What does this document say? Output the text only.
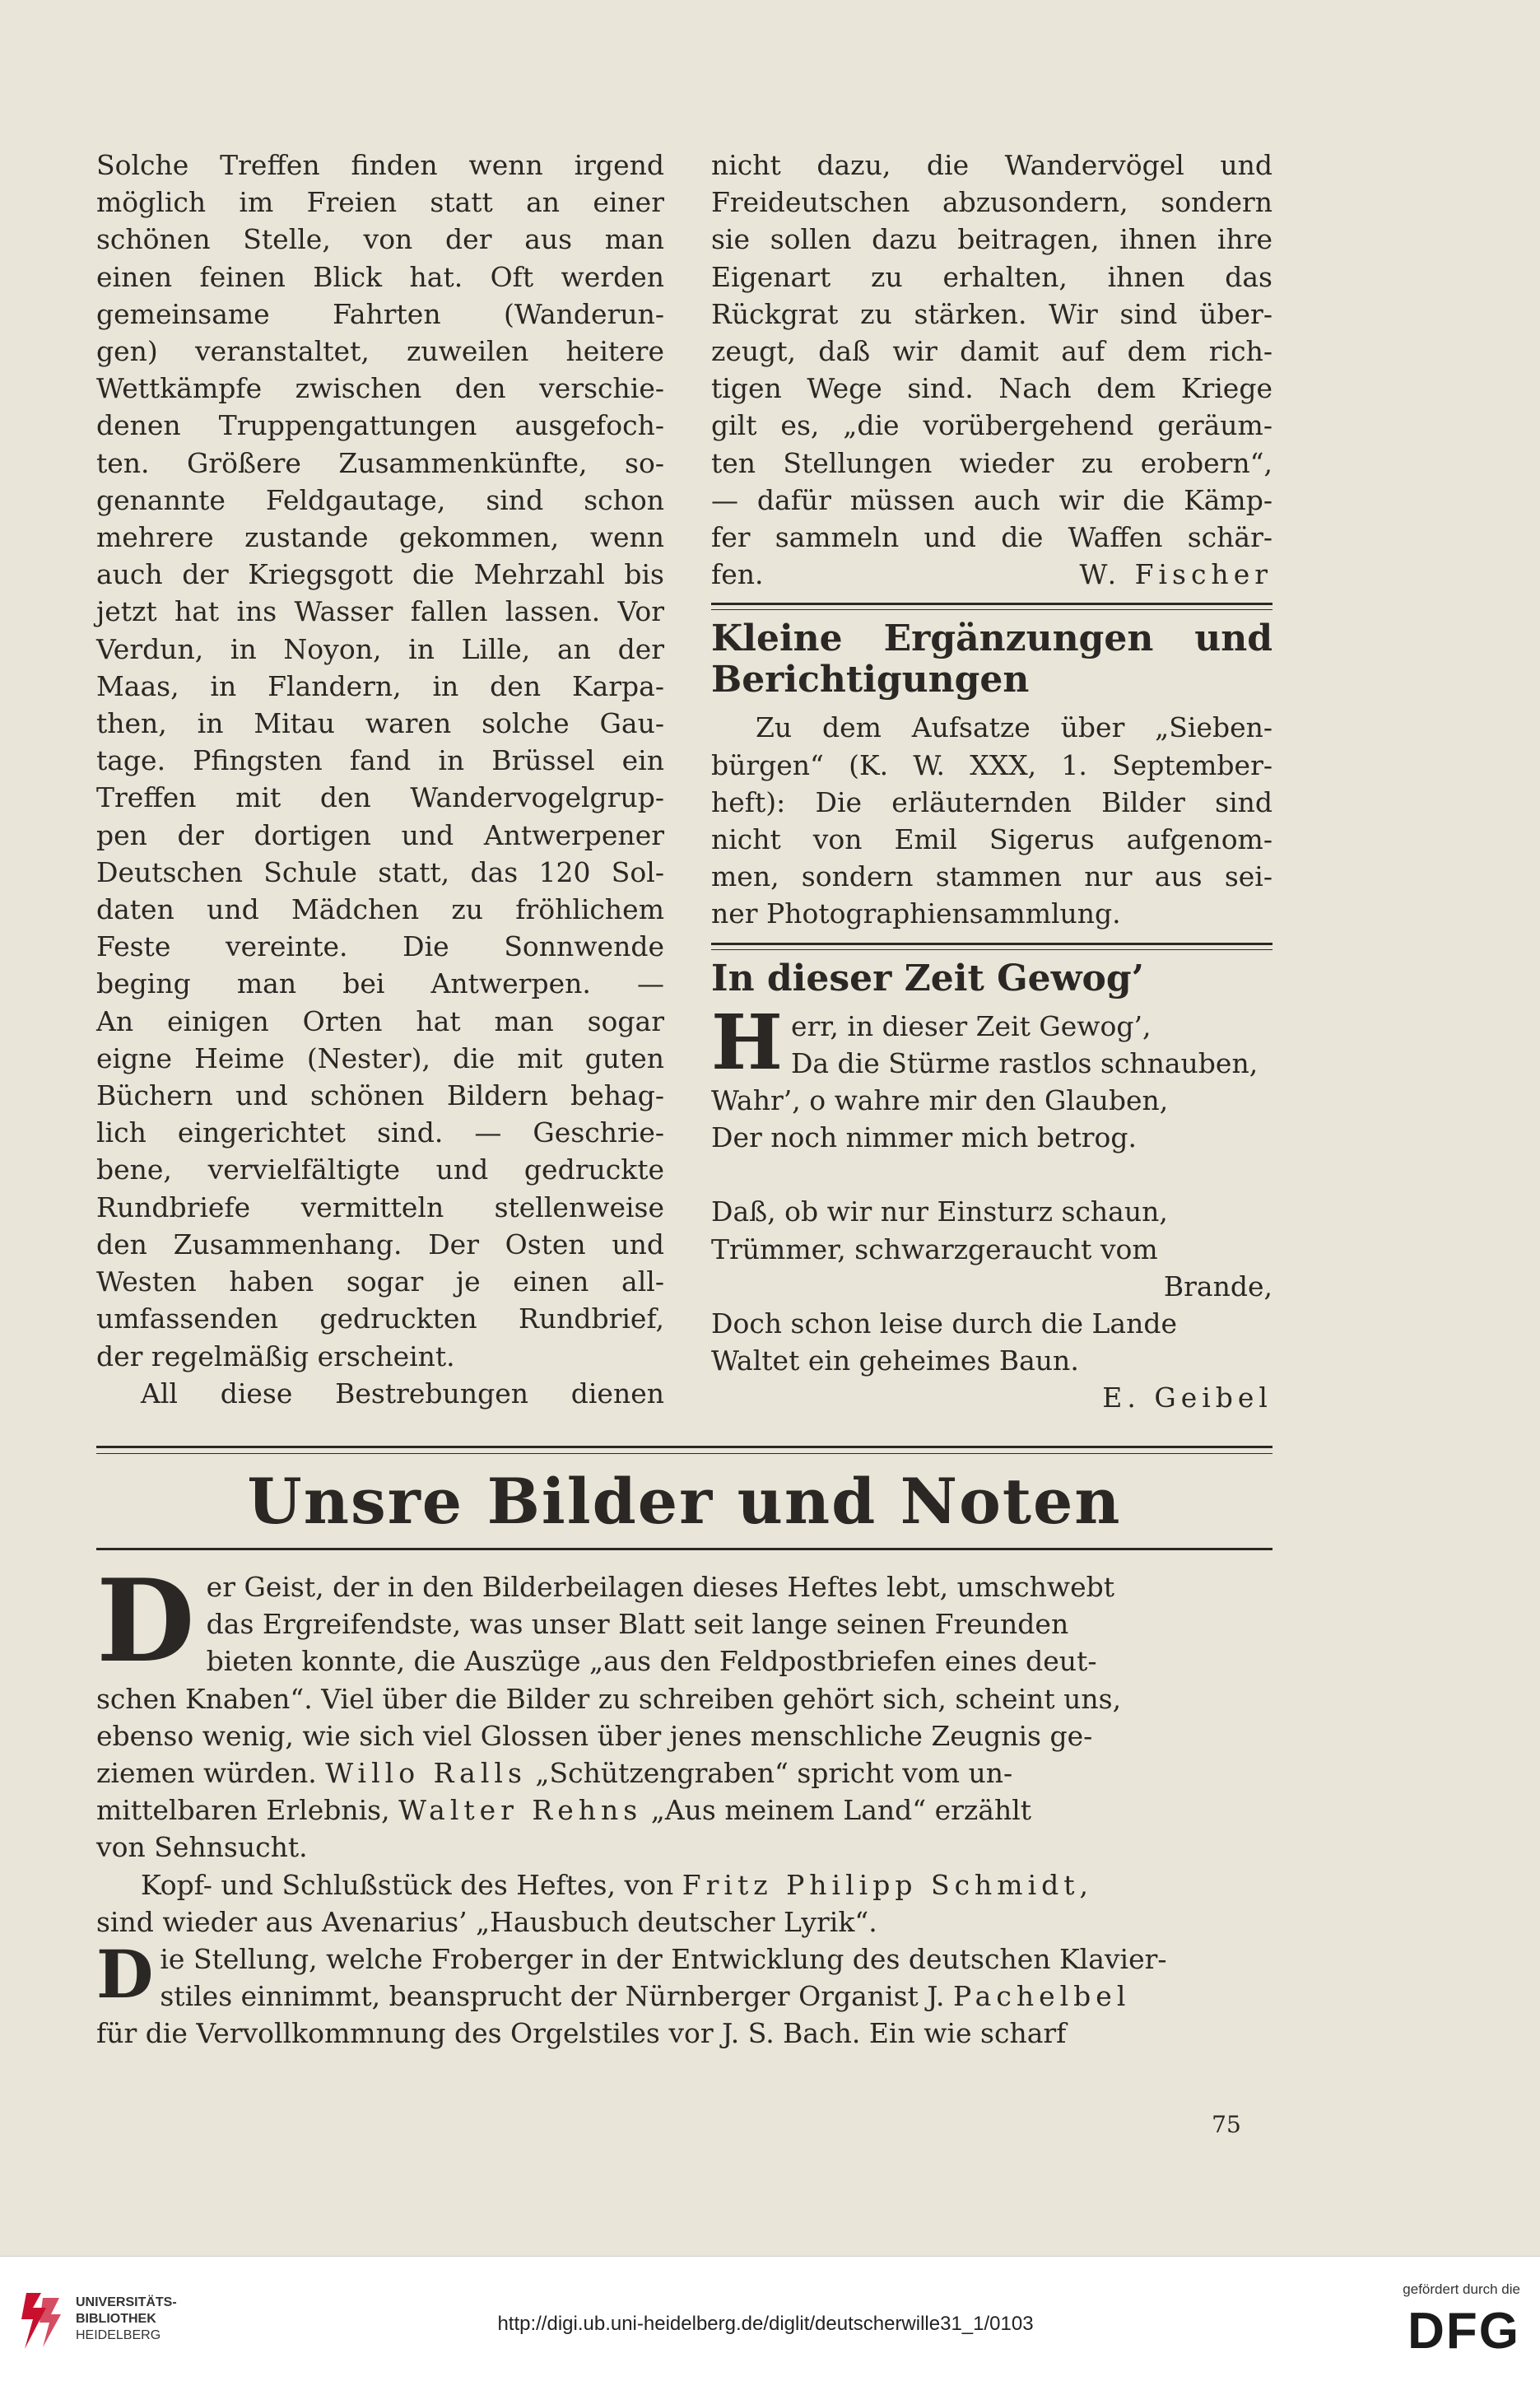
Solche Treffen finden wenn irgend
möglich im Freien statt an einer
schönen Stelle, von der aus man
einen feinen Blick hat. Oft werden
gemeinsame Fahrten (Wanderun-
gen) veranstaltet, zuweilen heitere
Wettkämpfe zwischen den verschie-
denen Truppengattungen ausgefoch-
ten. Größere Zusammenkünfte, so-
genannte Feldgautage, sind schon
mehrere zustande gekommen, wenn
auch der Kriegsgott die Mehrzahl bis
jetzt hat ins Wasser fallen lassen. Vor
Verdun, in Noyon, in Lille, an der
Maas, in Flandern, in den Karpa-
then, in Mitau waren solche Gau-
tage. Pfingsten fand in Brüssel ein
Treffen mit den Wandervogelgrup-
pen der dortigen und Antwerpener
Deutschen Schule statt, das 120 Sol-
daten und Mädchen zu fröhlichem
Feste vereinte. Die Sonnwende
beging man bei Antwerpen. —
An einigen Orten hat man sogar
eigne Heime (Nester), die mit guten
Büchern und schönen Bildern behag-
lich eingerichtet sind. — Geschrie-
bene, vervielfältigte und gedruckte
Rundbriefe vermitteln stellenweise
den Zusammenhang. Der Osten und
Westen haben sogar je einen all-
umfassenden gedruckten Rundbrief,
der regelmäßig erscheint.
All diese Bestrebungen dienen
nicht dazu, die Wandervögel und
Freideutschen abzusondern, sondern
sie sollen dazu beitragen, ihnen ihre
Eigenart zu erhalten, ihnen das
Rückgrat zu stärken. Wir sind über-
zeugt, daß wir damit auf dem rich-
tigen Wege sind. Nach dem Kriege
gilt es, „die vorübergehend geräum-
ten Stellungen wieder zu erobern“,
— dafür müssen auch wir die Kämp-
fer sammeln und die Waffen schär-
fen.	W. Fischer
Kleine Ergänzungen und Berichtigungen
Zu dem Aufsatze über „Sieben-
bürgen“ (K. W. XXX, 1. September-
heft): Die erläuternden Bilder sind
nicht von Emil Sigerus aufgenom-
men, sondern stammen nur aus sei-
ner Photographiensammlung.
In dieser Zeit Gewog’
H err, in dieser Zeit Gewog’,
Da die Stürme rastlos schnauben,
Wahr’, o wahre mir den Glauben,
Der noch nimmer mich betrog.
Daß, ob wir nur Einsturz schaun,
Trümmer, schwarzgeraucht vom
Brande,
Doch schon leise durch die Lande
Waltet ein geheimes Baun.
E. Geibel
Unsre Bilder und Noten

D er Geist, der in den Bilderbeilagen dieses Heftes lebt, umschwebt
das Ergreifendste, was unser Blatt seit lange seinen Freunden
bieten konnte, die Auszüge „aus den Feldpostbriefen eines deut-
schen Knaben“. Viel über die Bilder zu schreiben gehört sich, scheint uns,
ebenso wenig, wie sich viel Glossen über jenes menschliche Zeugnis ge-
ziemen würden. Willo Ralls „Schützengraben“ spricht vom un-
mittelbaren Erlebnis, Walter Rehns „Aus meinem Land“ erzählt
von Sehnsucht.

Kopf- und Schlußstück des Heftes, von Fritz Philipp Schmidt,
sind wieder aus Avenarius’ „Hausbuch deutscher Lyrik“.

D ie Stellung, welche Froberger in der Entwicklung des deutschen Klavier-
stiles einnimmt, beansprucht der Nürnberger Organist J. Pachelbel
für die Vervollkommnung des Orgelstiles vor J. S. Bach. Ein wie scharf

75
UNIVERSITÄTS-
BIBLIOTHEK
HEIDELBERG
http://digi.ub.uni-heidelberg.de/diglit/deutscherwille31_1/0103
gefördert durch die
DFG
